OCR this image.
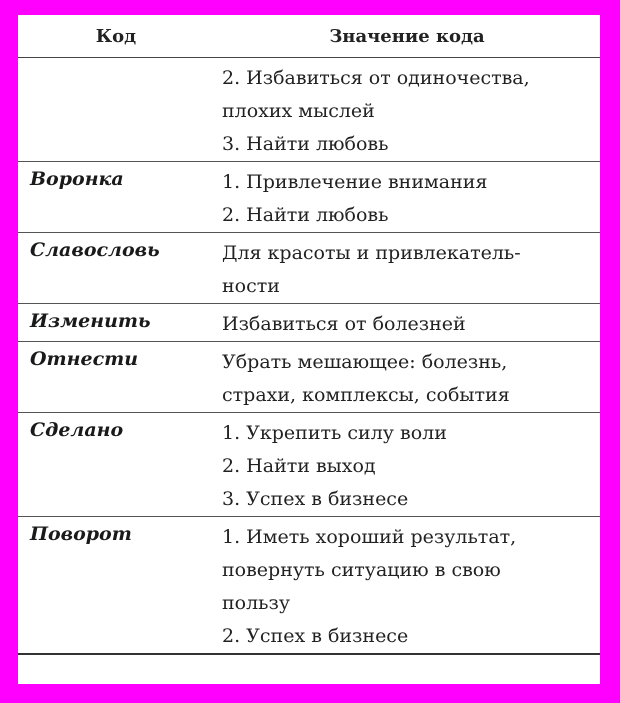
Код	Значение кода

	2. Избавиться от одиночества,
плохих мыслей
3. Найти любовь

Воронка	1. Привлечение внимания
2. Найти любовь

Славословь	Для красоты и привлекатель-
ности

Изменить	Избавиться от болезней

Отнести	Убрать мешающее: болезнь,
страхи, комплексы, события

Сделано	1. Укрепить силу воли
2. Найти выход
3. Успех в бизнесе

Поворот	1. Иметь хороший результат,
повернуть ситуацию в свою
пользу
2. Успех в бизнесе
